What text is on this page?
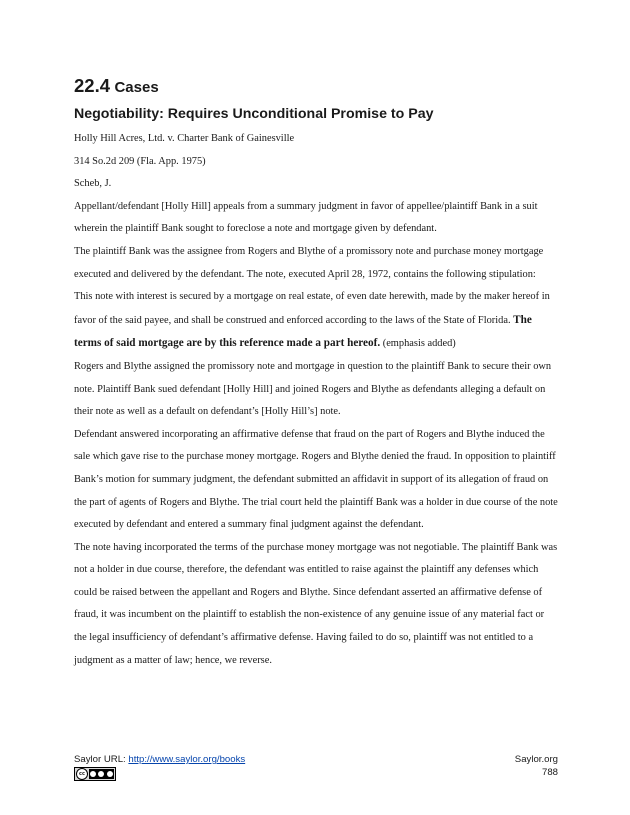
22.4 Cases
Negotiability: Requires Unconditional Promise to Pay

Holly Hill Acres, Ltd. v. Charter Bank of Gainesville

314 So.2d 209 (Fla. App. 1975)

Scheb, J.

Appellant/defendant [Holly Hill] appeals from a summary judgment in favor of appellee/plaintiff Bank in a suit wherein the plaintiff Bank sought to foreclose a note and mortgage given by defendant.

The plaintiff Bank was the assignee from Rogers and Blythe of a promissory note and purchase money mortgage executed and delivered by the defendant. The note, executed April 28, 1972, contains the following stipulation:

This note with interest is secured by a mortgage on real estate, of even date herewith, made by the maker hereof in favor of the said payee, and shall be construed and enforced according to the laws of the State of Florida. The terms of said mortgage are by this reference made a part hereof. (emphasis added)

Rogers and Blythe assigned the promissory note and mortgage in question to the plaintiff Bank to secure their own note. Plaintiff Bank sued defendant [Holly Hill] and joined Rogers and Blythe as defendants alleging a default on their note as well as a default on defendant’s [Holly Hill’s] note.

Defendant answered incorporating an affirmative defense that fraud on the part of Rogers and Blythe induced the sale which gave rise to the purchase money mortgage. Rogers and Blythe denied the fraud. In opposition to plaintiff Bank’s motion for summary judgment, the defendant submitted an affidavit in support of its allegation of fraud on the part of agents of Rogers and Blythe. The trial court held the plaintiff Bank was a holder in due course of the note executed by defendant and entered a summary final judgment against the defendant.

The note having incorporated the terms of the purchase money mortgage was not negotiable. The plaintiff Bank was not a holder in due course, therefore, the defendant was entitled to raise against the plaintiff any defenses which could be raised between the appellant and Rogers and Blythe. Since defendant asserted an affirmative defense of fraud, it was incumbent on the plaintiff to establish the non-existence of any genuine issue of any material fact or the legal insufficiency of defendant’s affirmative defense. Having failed to do so, plaintiff was not entitled to a judgment as a matter of law; hence, we reverse.

Saylor URL: http://www.saylor.org/books
cc
Saylor.org
788
